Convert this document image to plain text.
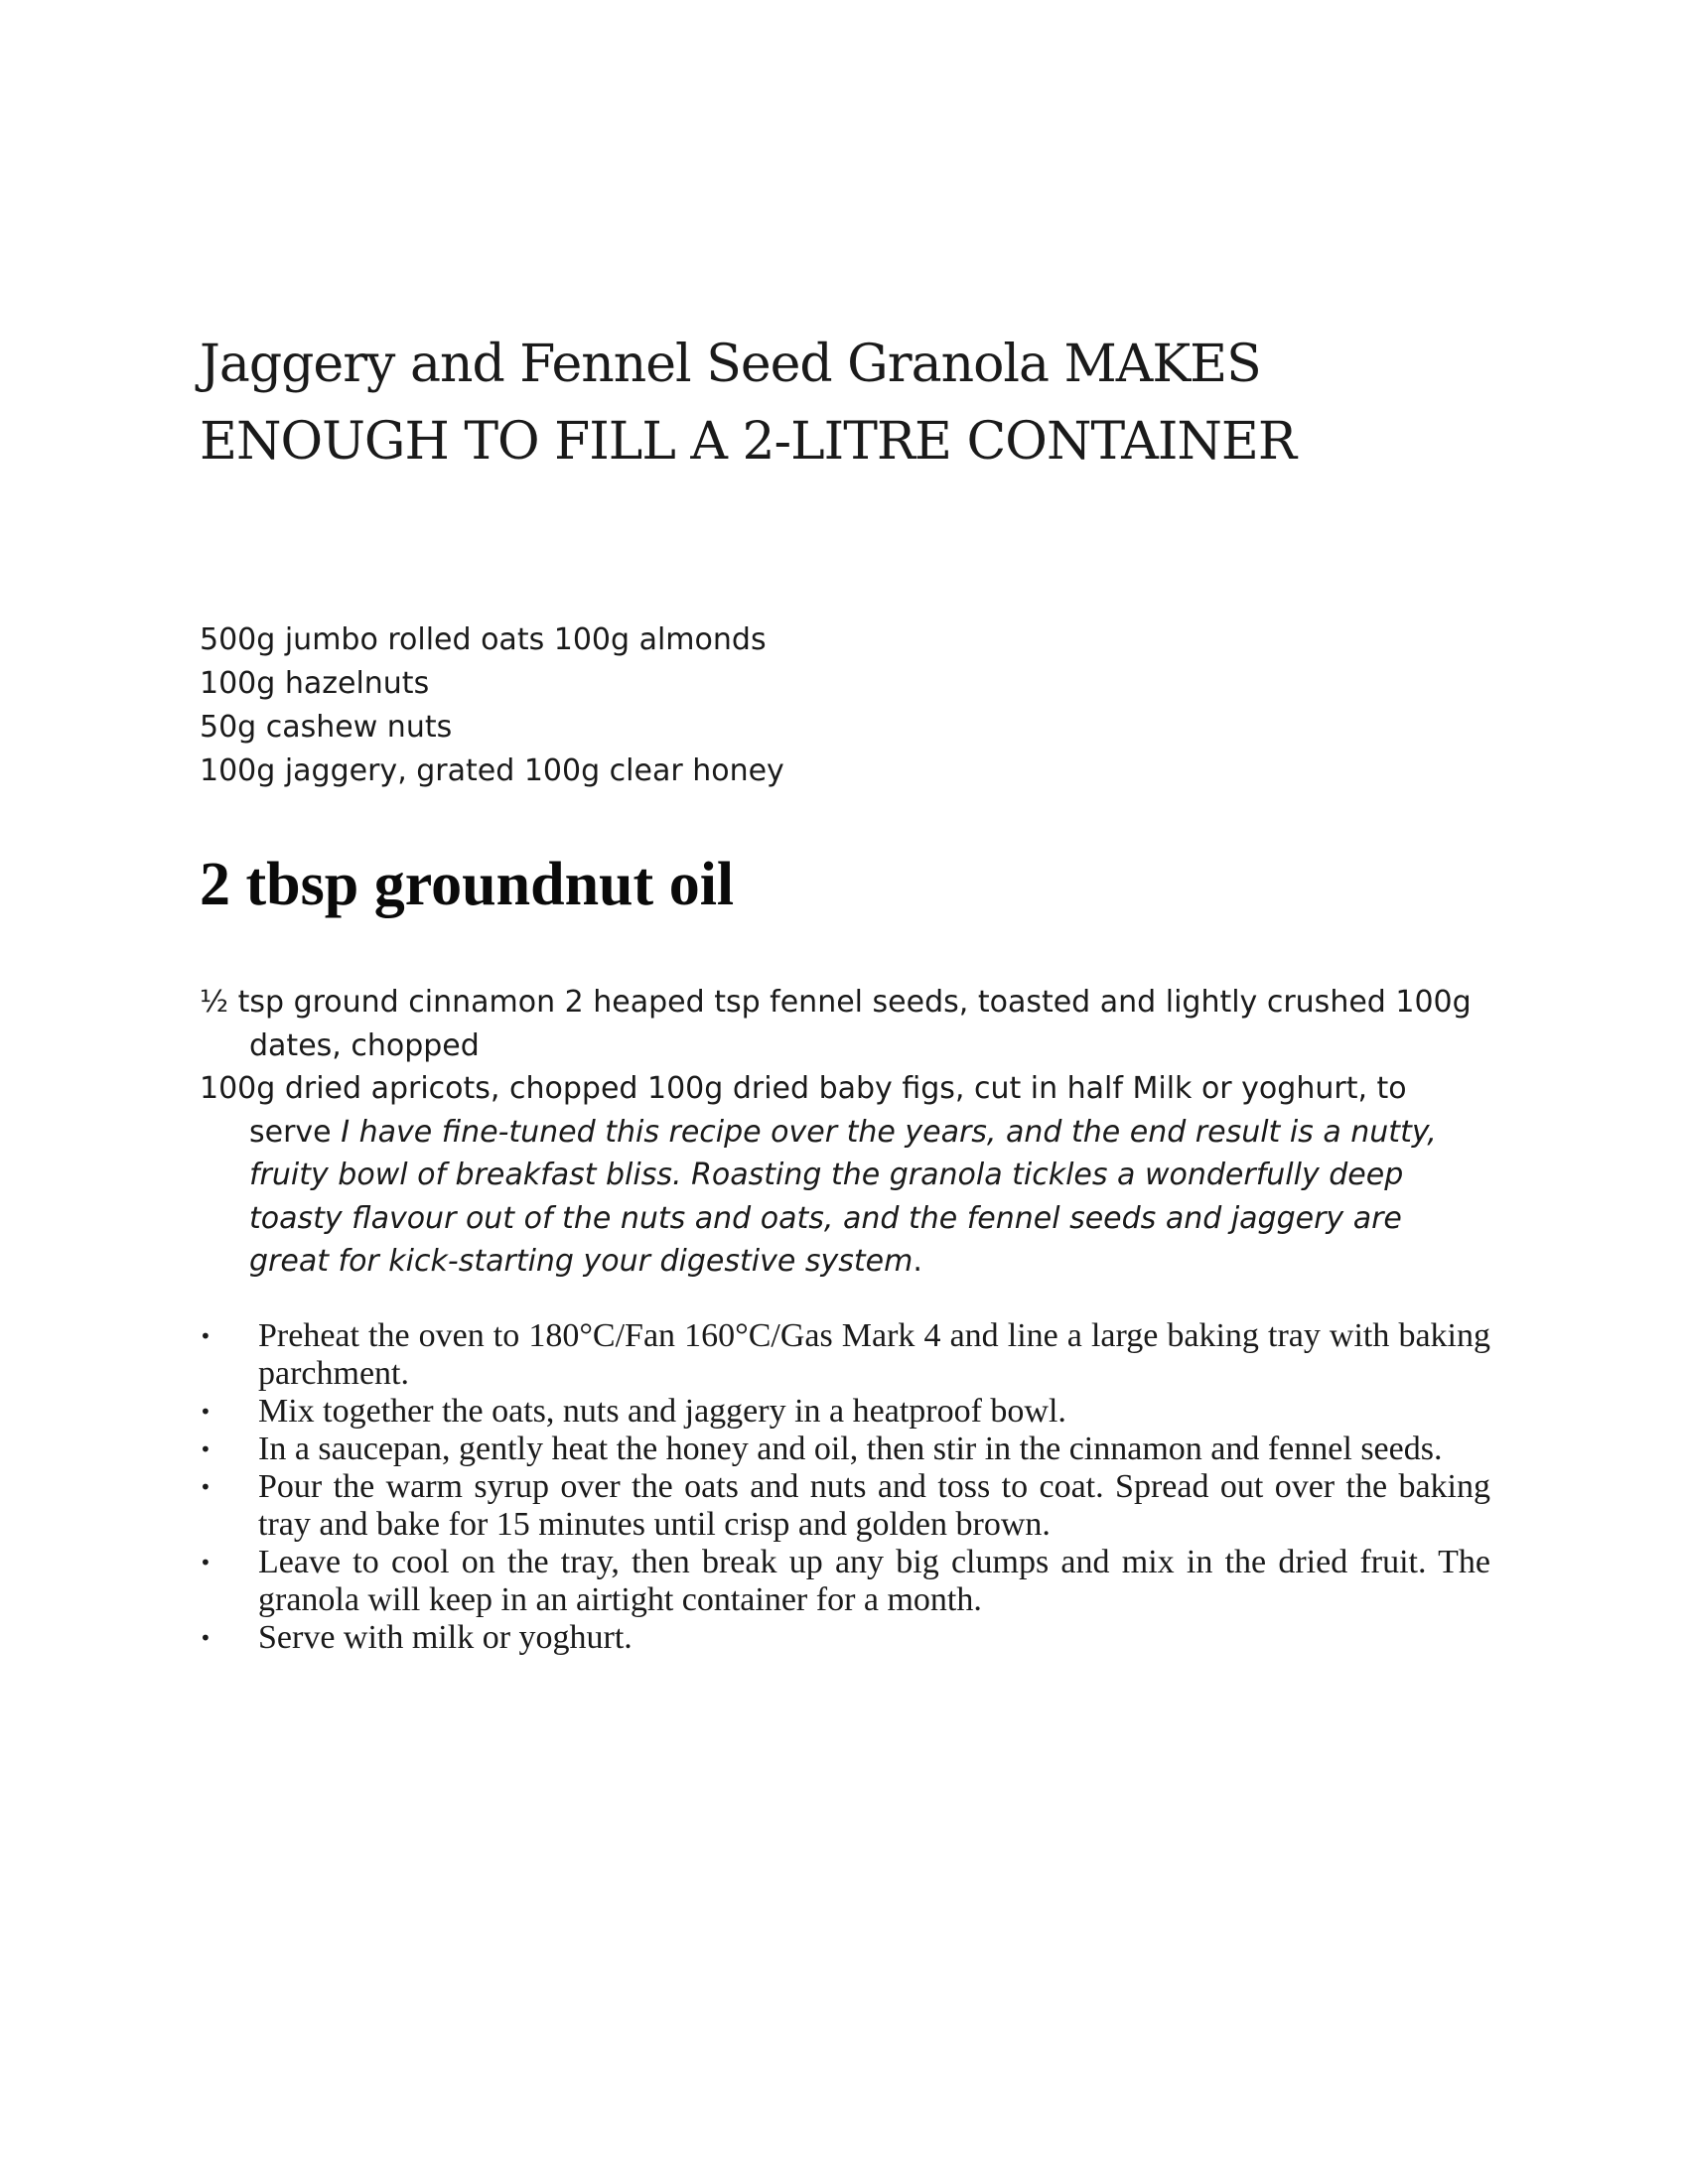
Jaggery and Fennel Seed Granola MAKES ENOUGH TO FILL A 2-LITRE CONTAINER

500g jumbo rolled oats 100g almonds

100g hazelnuts

50g cashew nuts

100g jaggery, grated 100g clear honey

2 tbsp groundnut oil

½ tsp ground cinnamon 2 heaped tsp fennel seeds, toasted and lightly crushed 100g dates, chopped

100g dried apricots, chopped 100g dried baby figs, cut in half Milk or yoghurt, to serve I have fine-tuned this recipe over the years, and the end result is a nutty, fruity bowl of breakfast bliss. Roasting the granola tickles a wonderfully deep toasty flavour out of the nuts and oats, and the fennel seeds and jaggery are great for kick-starting your digestive system.

• Preheat the oven to 180°C/Fan 160°C/Gas Mark 4 and line a large baking tray with baking parchment.
• Mix together the oats, nuts and jaggery in a heatproof bowl.
• In a saucepan, gently heat the honey and oil, then stir in the cinnamon and fennel seeds.
• Pour the warm syrup over the oats and nuts and toss to coat. Spread out over the baking tray and bake for 15 minutes until crisp and golden brown.
• Leave to cool on the tray, then break up any big clumps and mix in the dried fruit. The granola will keep in an airtight container for a month.
• Serve with milk or yoghurt.
